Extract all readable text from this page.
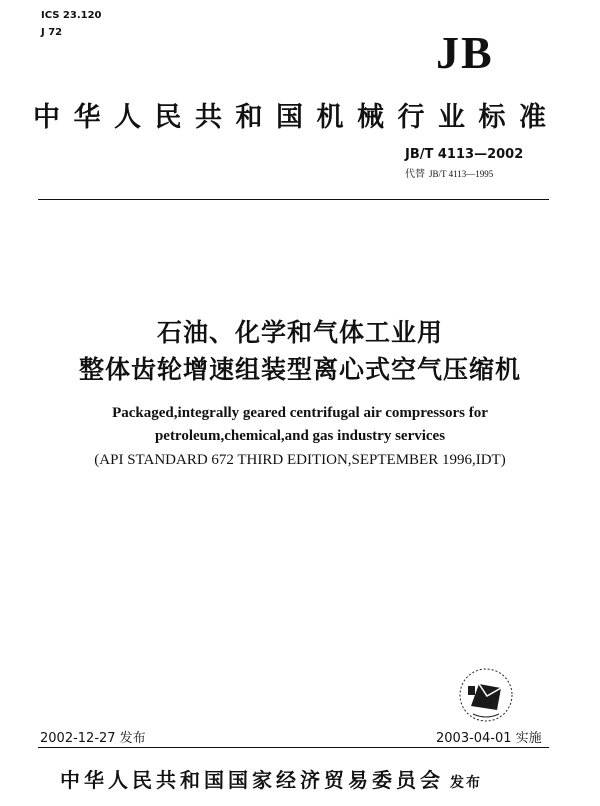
ICS 23.120
J 72	JB
中华人民共和国机械行业标准
JB/T 4113—2002
代替 JB/T 4113—1995
石油、化学和气体工业用
整体齿轮增速组装型离心式空气压缩机
Packaged,integrally geared centrifugal air compressors for
petroleum,chemical,and gas industry services
(API STANDARD 672 THIRD EDITION,SEPTEMBER 1996,IDT)
2002-12-27 发布	2003-04-01 实施
中华人民共和国国家经济贸易委员会 发布
